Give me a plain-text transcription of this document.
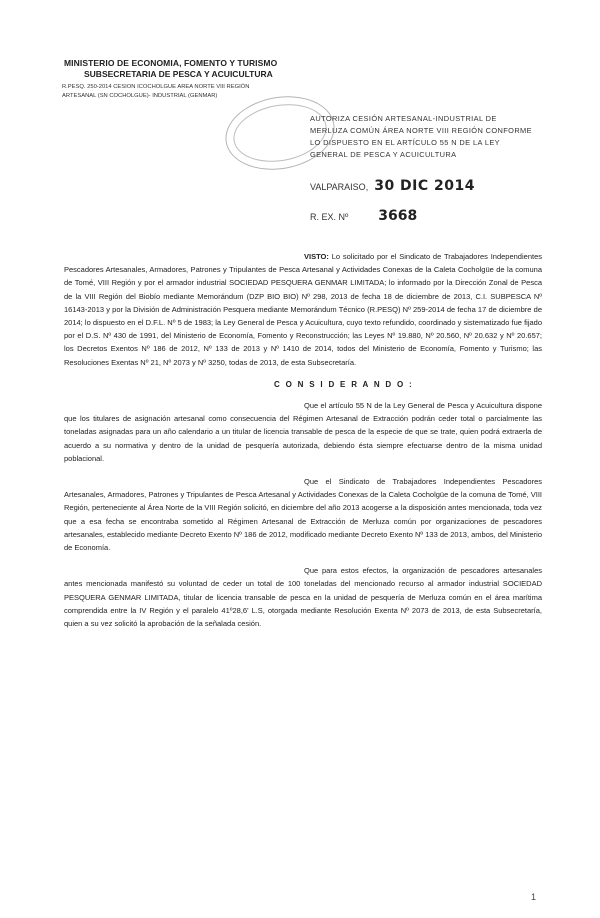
MINISTERIO DE ECONOMIA, FOMENTO Y TURISMO

SUBSECRETARIA DE PESCA Y ACUICULTURA

R.PESQ. 250-2014 CESION ICOCHOLGUE AREA NORTE VIII REGIÓN
ARTESANAL (SN COCHOLGUE)- INDUSTRIAL (GENMAR)

AUTORIZA CESIÓN ARTESANAL-INDUSTRIAL DE MERLUZA COMÚN ÁREA NORTE VIII REGIÓN CONFORME LO DISPUESTO EN EL ARTÍCULO 55 N DE LA LEY GENERAL DE PESCA Y ACUICULTURA

VALPARAISO, 30 DIC 2014
R. EX. Nº 3668

VISTO: Lo solicitado por el Sindicato de Trabajadores Independientes Pescadores Artesanales, Armadores, Patrones y Tripulantes de Pesca Artesanal y Actividades Conexas de la Caleta Cocholgüe de la comuna de Tomé, VIII Región y por el armador industrial SOCIEDAD PESQUERA GENMAR LIMITADA; lo informado por la Dirección Zonal de Pesca de la VIII Región del Biobío mediante Memorándum (DZP BIO BIO) Nº 298, 2013 de fecha 18 de diciembre de 2013, C.I. SUBPESCA Nº 16143-2013 y por la División de Administración Pesquera mediante Memorándum Técnico (R.PESQ) Nº 259-2014 de fecha 17 de diciembre de 2014; lo dispuesto en el D.F.L. Nº 5 de 1983; la Ley General de Pesca y Acuicultura, cuyo texto refundido, coordinado y sistematizado fue fijado por el D.S. Nº 430 de 1991, del Ministerio de Economía, Fomento y Reconstrucción; las Leyes Nº 19.880, Nº 20.560, Nº 20.632 y Nº 20.657; los Decretos Exentos Nº 186 de 2012, Nº 133 de 2013 y Nº 1410 de 2014, todos del Ministerio de Economía, Fomento y Turismo; las Resoluciones Exentas Nº 21, Nº 2073 y Nº 3250, todas de 2013, de esta Subsecretaría.

C O N S I D E R A N D O :

Que el artículo 55 N de la Ley General de Pesca y Acuicultura dispone que los titulares de asignación artesanal como consecuencia del Régimen Artesanal de Extracción podrán ceder total o parcialmente las toneladas asignadas para un año calendario a un titular de licencia transable de pesca de la especie de que se trate, quien podrá extraerla de acuerdo a su normativa y dentro de la unidad de pesquería autorizada, debiendo ésta siempre efectuarse dentro de la misma unidad poblacional.

Que el Sindicato de Trabajadores Independientes Pescadores Artesanales, Armadores, Patrones y Tripulantes de Pesca Artesanal y Actividades Conexas de la Caleta Cocholgüe de la comuna de Tomé, VIII Región, perteneciente al Área Norte de la VIII Región solicitó, en diciembre del año 2013 acogerse a la disposición antes mencionada, toda vez que a esa fecha se encontraba sometido al Régimen Artesanal de Extracción de Merluza común por organizaciones de pescadores artesanales, establecido mediante Decreto Exento Nº 186 de 2012, modificado mediante Decreto Exento Nº 133 de 2013, ambos, del Ministerio de Economía.

Que para estos efectos, la organización de pescadores artesanales antes mencionada manifestó su voluntad de ceder un total de 100 toneladas del mencionado recurso al armador industrial SOCIEDAD PESQUERA GENMAR LIMITADA, titular de licencia transable de pesca en la unidad de pesquería de Merluza común en el área marítima comprendida entre la IV Región y el paralelo 41º28,6' L.S, otorgada mediante Resolución Exenta Nº 2073 de 2013, de esta Subsecretaría, quien a su vez solicitó la aprobación de la señalada cesión.

1
